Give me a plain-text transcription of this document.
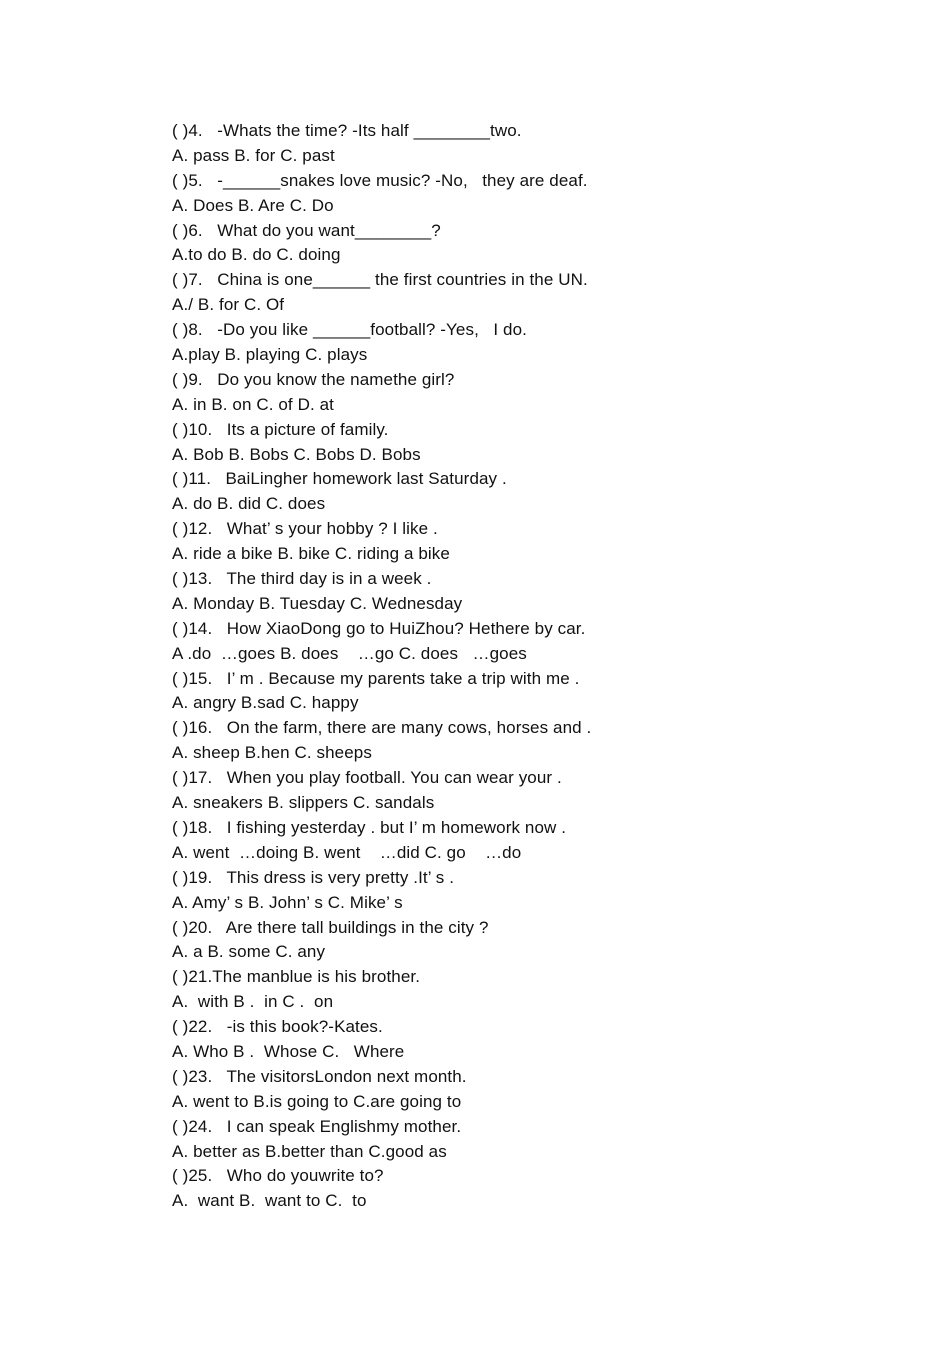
( )4.   -Whats the time? -Its half ________two.
A. pass B. for C. past
( )5.   -______snakes love music? -No,   they are deaf.
A. Does B. Are C. Do
( )6.   What do you want________?
A.to do B. do C. doing
( )7.   China is one______ the first countries in the UN.
A./ B. for C. Of
( )8.   -Do you like ______football? -Yes,   I do.
A.play B. playing C. plays
( )9.   Do you know the namethe girl?
A. in B. on C. of D. at
( )10.   Its a picture of family.
A. Bob B. Bobs C. Bobs D. Bobs
( )11.   BaiLingher homework last Saturday .
A. do B. did C. does
( )12.   What’ s your hobby ? I like .
A. ride a bike B. bike C. riding a bike
( )13.   The third day is in a week .
A. Monday B. Tuesday C. Wednesday
( )14.   How XiaoDong go to HuiZhou? Hethere by car.
A .do  …goes B. does    …go C. does   …goes
( )15.   I’ m . Because my parents take a trip with me .
A. angry B.sad C. happy
( )16.   On the farm, there are many cows, horses and .
A. sheep B.hen C. sheeps
( )17.   When you play football. You can wear your .
A. sneakers B. slippers C. sandals
( )18.   I fishing yesterday . but I’ m homework now .
A. went  …doing B. went    …did C. go    …do
( )19.   This dress is very pretty .It’ s .
A. Amy’ s B. John’ s C. Mike’ s
( )20.   Are there tall buildings in the city ?
A. a B. some C. any
( )21.The manblue is his brother.
A.  with B .  in C .  on
( )22.   -is this book?-Kates.
A. Who B .  Whose C.   Where
( )23.   The visitorsLondon next month.
A. went to B.is going to C.are going to
( )24.   I can speak Englishmy mother.
A. better as B.better than C.good as
( )25.   Who do youwrite to?
A.  want B.  want to C.  to
